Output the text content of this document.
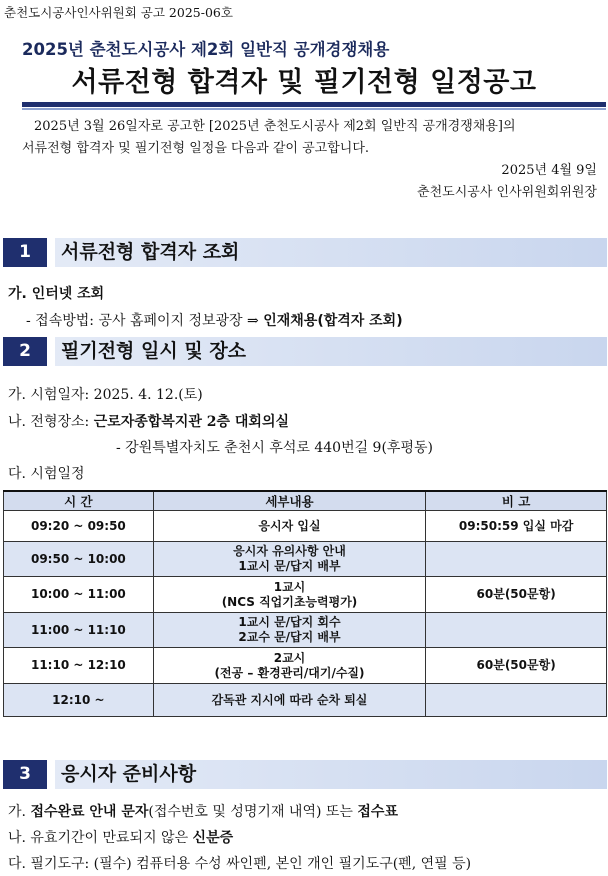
춘천도시공사인사위원회 공고 2025-06호
2025년 춘천도시공사 제2회 일반직 공개경쟁채용
서류전형 합격자 및 필기전형 일정공고

2025년 3월 26일자로 공고한 [2025년 춘천도시공사 제2회 일반직 공개경쟁채용]의

서류전형 합격자 및 필기전형 일정을 다음과 같이 공고합니다.

2025년 4월 9일

춘천도시공사 인사위원회위원장

1	서류전형 합격자 조회
가. 인터넷 조회
- 접속방법: 공사 홈페이지 정보광장 ⇒ 인재채용(합격자 조회)
2	필기전형 일시 및 장소
가. 시험일자: 2025. 4. 12.(토)
나. 전형장소: 근로자종합복지관 2층 대회의실
- 강원특별자치도 춘천시 후석로 440번길 9(후평동)
다. 시험일정
시 간	세부내용	비 고
09:20 ~ 09:50	응시자 입실	09:50:59 입실 마감
09:50 ~ 10:00	응시자 유의사항 안내
1교시 문/답지 배부	

10:00 ~ 11:00	1교시
(NCS 직업기초능력평가)	60분(50문항)
11:00 ~ 11:10	1교시 문/답지 회수
2교수 문/답지 배부	

11:10 ~ 12:10	2교시
(전공 – 환경관리/대기/수질)	60분(50문항)
12:10 ~	감독관 지시에 따라 순차 퇴실	

3	응시자 준비사항
가. 접수완료 안내 문자(접수번호 및 성명기재 내역) 또는 접수표
나. 유효기간이 만료되지 않은 신분증
다. 필기도구: (필수) 컴퓨터용 수성 싸인펜, 본인 개인 필기도구(펜, 연필 등)
